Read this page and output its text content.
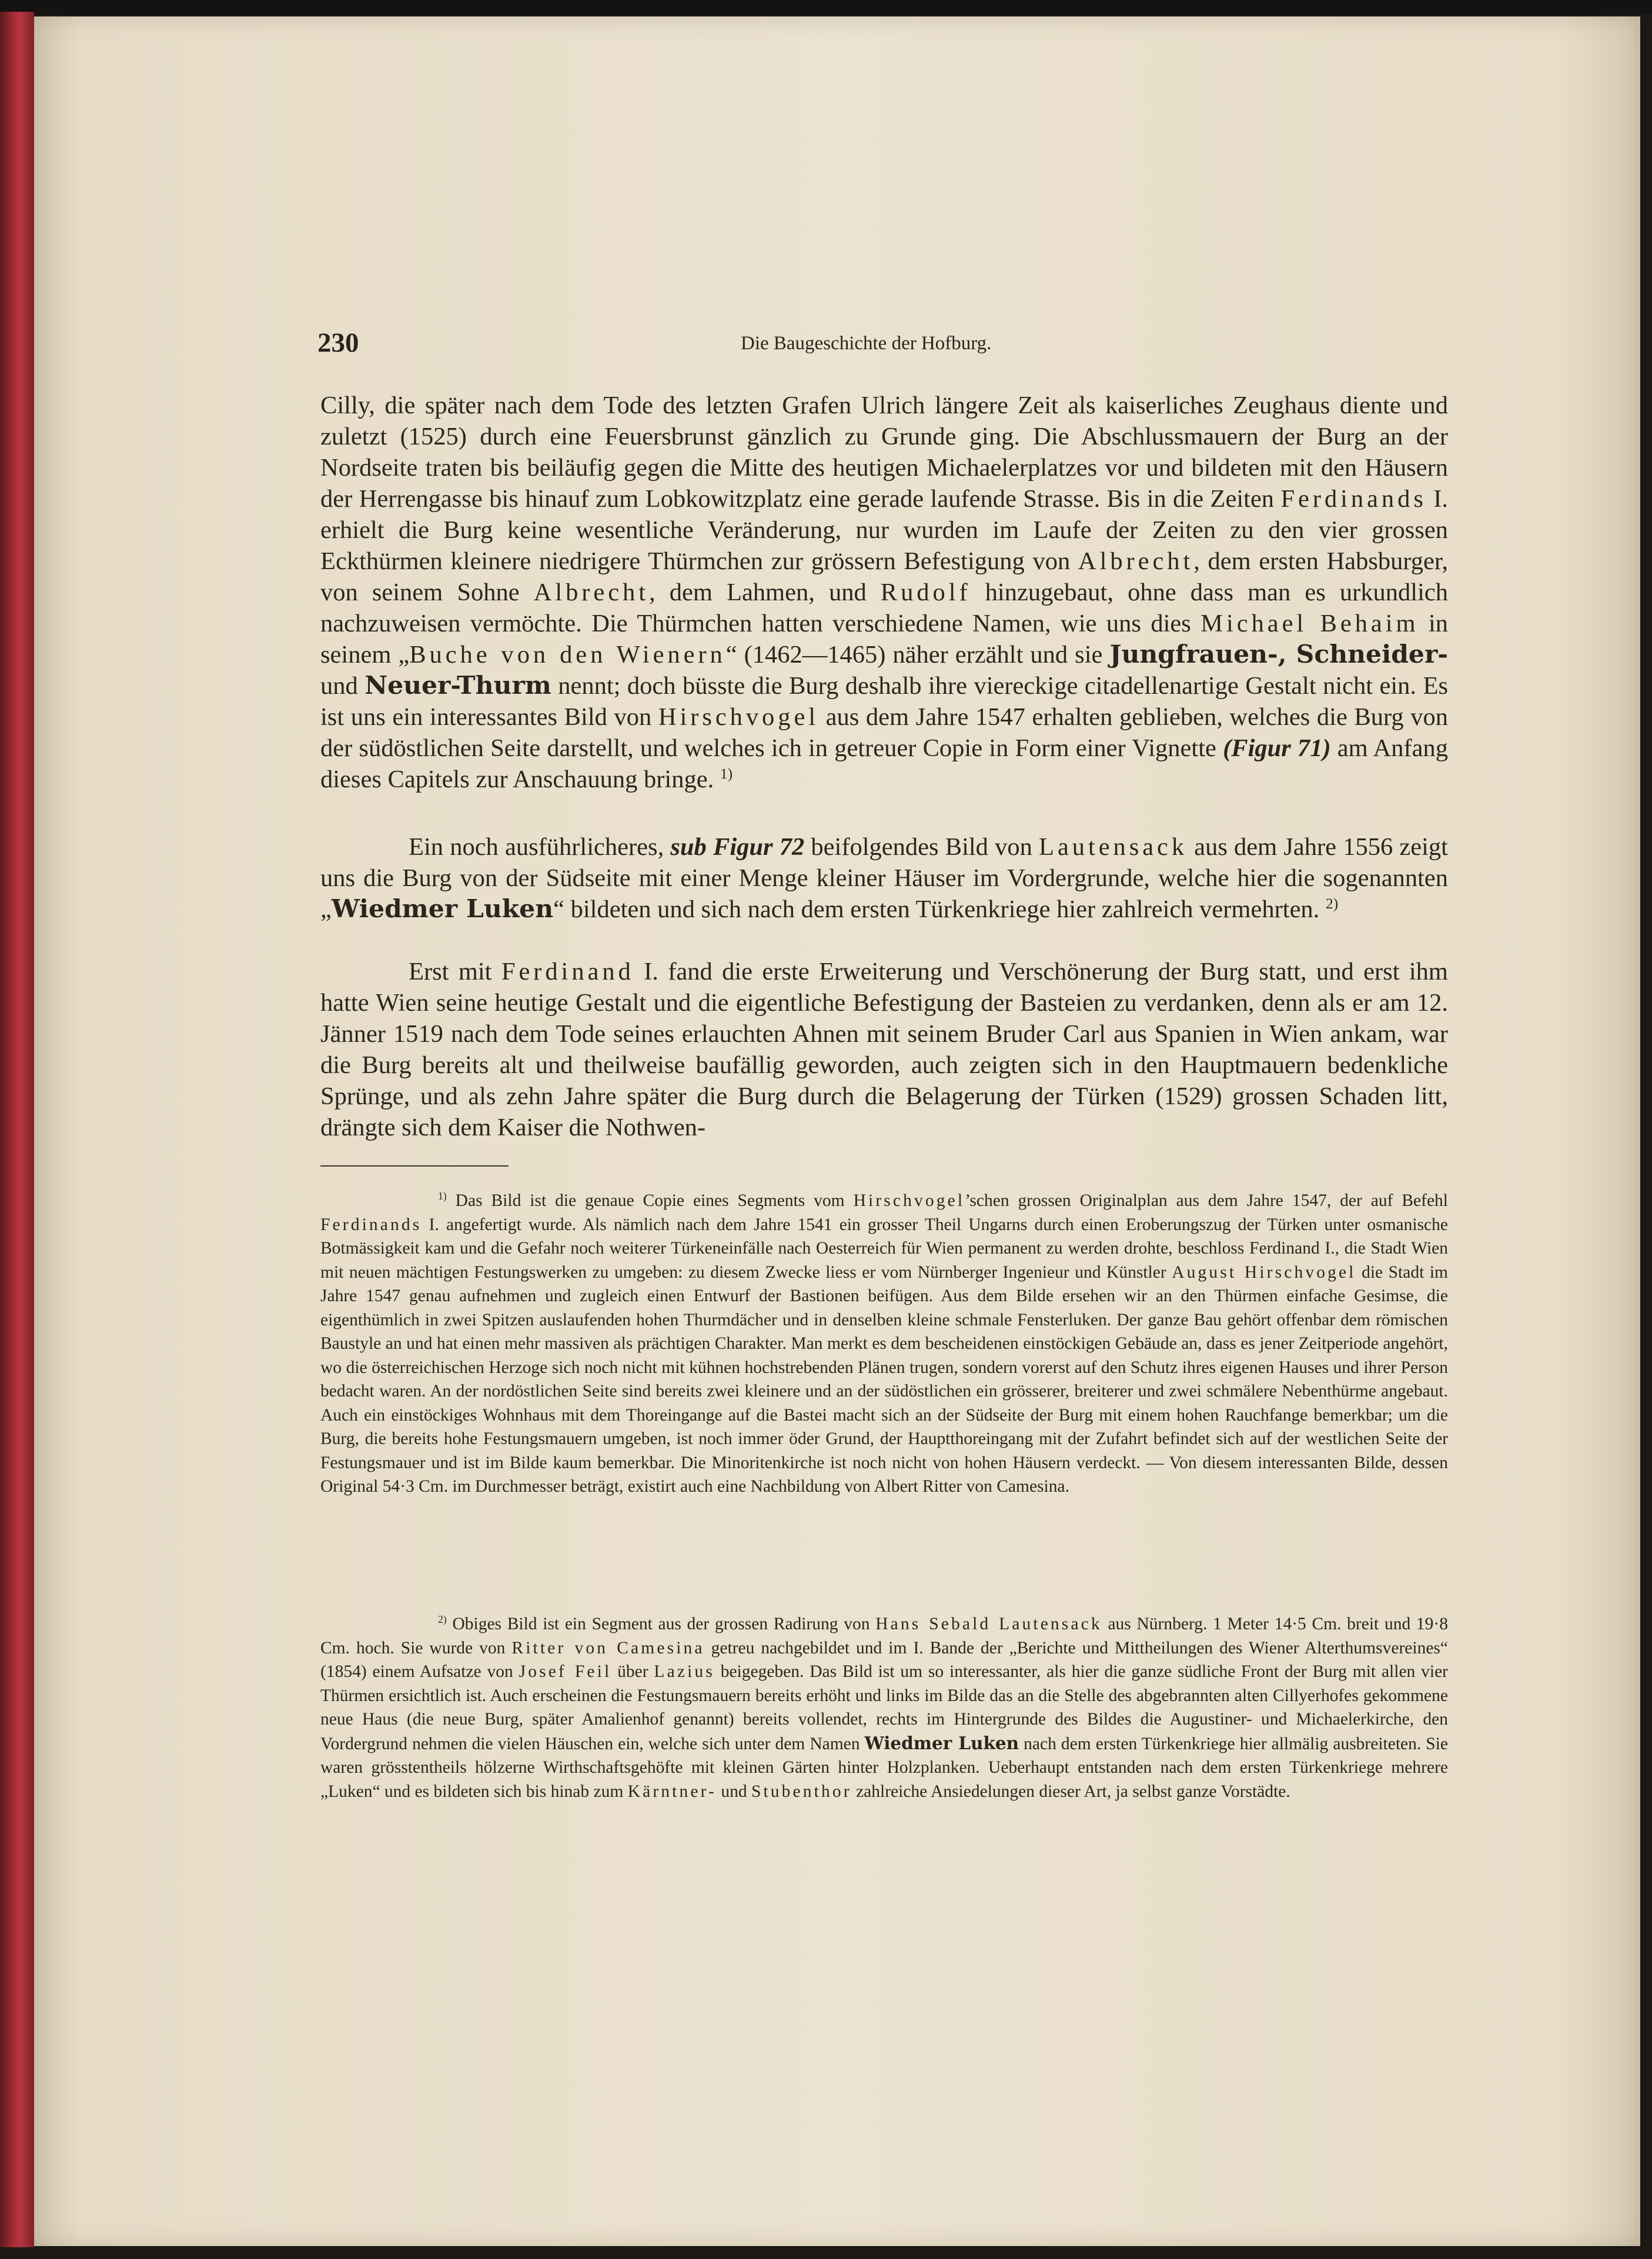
230	Die Baugeschichte der Hofburg.

Cilly, die später nach dem Tode des letzten Grafen Ulrich längere Zeit als kaiserliches Zeughaus diente und zuletzt (1525) durch eine Feuersbrunst gänzlich zu Grunde ging. Die Abschlussmauern der Burg an der Nordseite traten bis beiläufig gegen die Mitte des heutigen Michaelerplatzes vor und bildeten mit den Häusern der Herrengasse bis hinauf zum Lobkowitzplatz eine gerade laufende Strasse. Bis in die Zeiten Ferdinands I. erhielt die Burg keine wesentliche Veränderung, nur wurden im Laufe der Zeiten zu den vier grossen Eckthürmen kleinere niedrigere Thürmchen zur grössern Befestigung von Albrecht, dem ersten Habsburger, von seinem Sohne Albrecht, dem Lahmen, und Rudolf hinzugebaut, ohne dass man es urkundlich nachzuweisen vermöchte. Die Thürmchen hatten verschiedene Namen, wie uns dies Michael Behaim in seinem „Buche von den Wienern“ (1462—1465) näher erzählt und sie Jungfrauen-, Schneider- und Neuer-Thurm nennt; doch büsste die Burg deshalb ihre viereckige citadellenartige Gestalt nicht ein. Es ist uns ein interessantes Bild von Hirschvogel aus dem Jahre 1547 erhalten geblieben, welches die Burg von der südöstlichen Seite darstellt, und welches ich in getreuer Copie in Form einer Vignette (Figur 71) am Anfang dieses Capitels zur Anschauung bringe. $^{1)}$

Ein noch ausführlicheres, sub Figur 72 beifolgendes Bild von Lautensack aus dem Jahre 1556 zeigt uns die Burg von der Südseite mit einer Menge kleiner Häuser im Vordergrunde, welche hier die sogenannten „Wiedmer Luken“ bildeten und sich nach dem ersten Türkenkriege hier zahlreich vermehrten. $^{2)}$

Erst mit Ferdinand I. fand die erste Erweiterung und Verschönerung der Burg statt, und erst ihm hatte Wien seine heutige Gestalt und die eigentliche Befestigung der Basteien zu verdanken, denn als er am 12. Jänner 1519 nach dem Tode seines erlauchten Ahnen mit seinem Bruder Carl aus Spanien in Wien ankam, war die Burg bereits alt und theilweise baufällig geworden, auch zeigten sich in den Hauptmauern bedenkliche Sprünge, und als zehn Jahre später die Burg durch die Belagerung der Türken (1529) grossen Schaden litt, drängte sich dem Kaiser die Nothwen-

$^{1)}$ Das Bild ist die genaue Copie eines Segments vom Hirschvogel’schen grossen Originalplan aus dem Jahre 1547, der auf Befehl Ferdinands I. angefertigt wurde. Als nämlich nach dem Jahre 1541 ein grosser Theil Ungarns durch einen Eroberungszug der Türken unter osmanische Botmässigkeit kam und die Gefahr noch weiterer Türkeneinfälle nach Oesterreich für Wien permanent zu werden drohte, beschloss Ferdinand I., die Stadt Wien mit neuen mächtigen Festungswerken zu umgeben: zu diesem Zwecke liess er vom Nürnberger Ingenieur und Künstler August Hirschvogel die Stadt im Jahre 1547 genau aufnehmen und zugleich einen Entwurf der Bastionen beifügen. Aus dem Bilde ersehen wir an den Thürmen einfache Gesimse, die eigenthümlich in zwei Spitzen auslaufenden hohen Thurmdächer und in denselben kleine schmale Fensterluken. Der ganze Bau gehört offenbar dem römischen Baustyle an und hat einen mehr massiven als prächtigen Charakter. Man merkt es dem bescheidenen einstöckigen Gebäude an, dass es jener Zeitperiode angehört, wo die österreichischen Herzoge sich noch nicht mit kühnen hochstrebenden Plänen trugen, sondern vorerst auf den Schutz ihres eigenen Hauses und ihrer Person bedacht waren. An der nordöstlichen Seite sind bereits zwei kleinere und an der südöstlichen ein grösserer, breiterer und zwei schmälere Nebenthürme angebaut. Auch ein einstöckiges Wohnhaus mit dem Thoreingange auf die Bastei macht sich an der Südseite der Burg mit einem hohen Rauchfange bemerkbar; um die Burg, die bereits hohe Festungsmauern umgeben, ist noch immer öder Grund, der Hauptthoreingang mit der Zufahrt befindet sich auf der westlichen Seite der Festungsmauer und ist im Bilde kaum bemerkbar. Die Minoritenkirche ist noch nicht von hohen Häusern verdeckt. — Von diesem interessanten Bilde, dessen Original 54·3 Cm. im Durchmesser beträgt, existirt auch eine Nachbildung von Albert Ritter von Camesina.

$^{2)}$ Obiges Bild ist ein Segment aus der grossen Radirung von Hans Sebald Lautensack aus Nürnberg. 1 Meter 14·5 Cm. breit und 19·8 Cm. hoch. Sie wurde von Ritter von Camesina getreu nachgebildet und im I. Bande der „Berichte und Mittheilungen des Wiener Alterthumsvereines“ (1854) einem Aufsatze von Josef Feil über Lazius beigegeben. Das Bild ist um so interessanter, als hier die ganze südliche Front der Burg mit allen vier Thürmen ersichtlich ist. Auch erscheinen die Festungsmauern bereits erhöht und links im Bilde das an die Stelle des abgebrannten alten Cillyerhofes gekommene neue Haus (die neue Burg, später Amalienhof genannt) bereits vollendet, rechts im Hintergrunde des Bildes die Augustiner- und Michaelerkirche, den Vordergrund nehmen die vielen Häuschen ein, welche sich unter dem Namen Wiedmer Luken nach dem ersten Türkenkriege hier allmälig ausbreiteten. Sie waren grösstentheils hölzerne Wirthschaftsgehöfte mit kleinen Gärten hinter Holzplanken. Ueberhaupt entstanden nach dem ersten Türkenkriege mehrere „Luken“ und es bildeten sich bis hinab zum Kärntner- und Stubenthor zahlreiche Ansiedelungen dieser Art, ja selbst ganze Vorstädte.
